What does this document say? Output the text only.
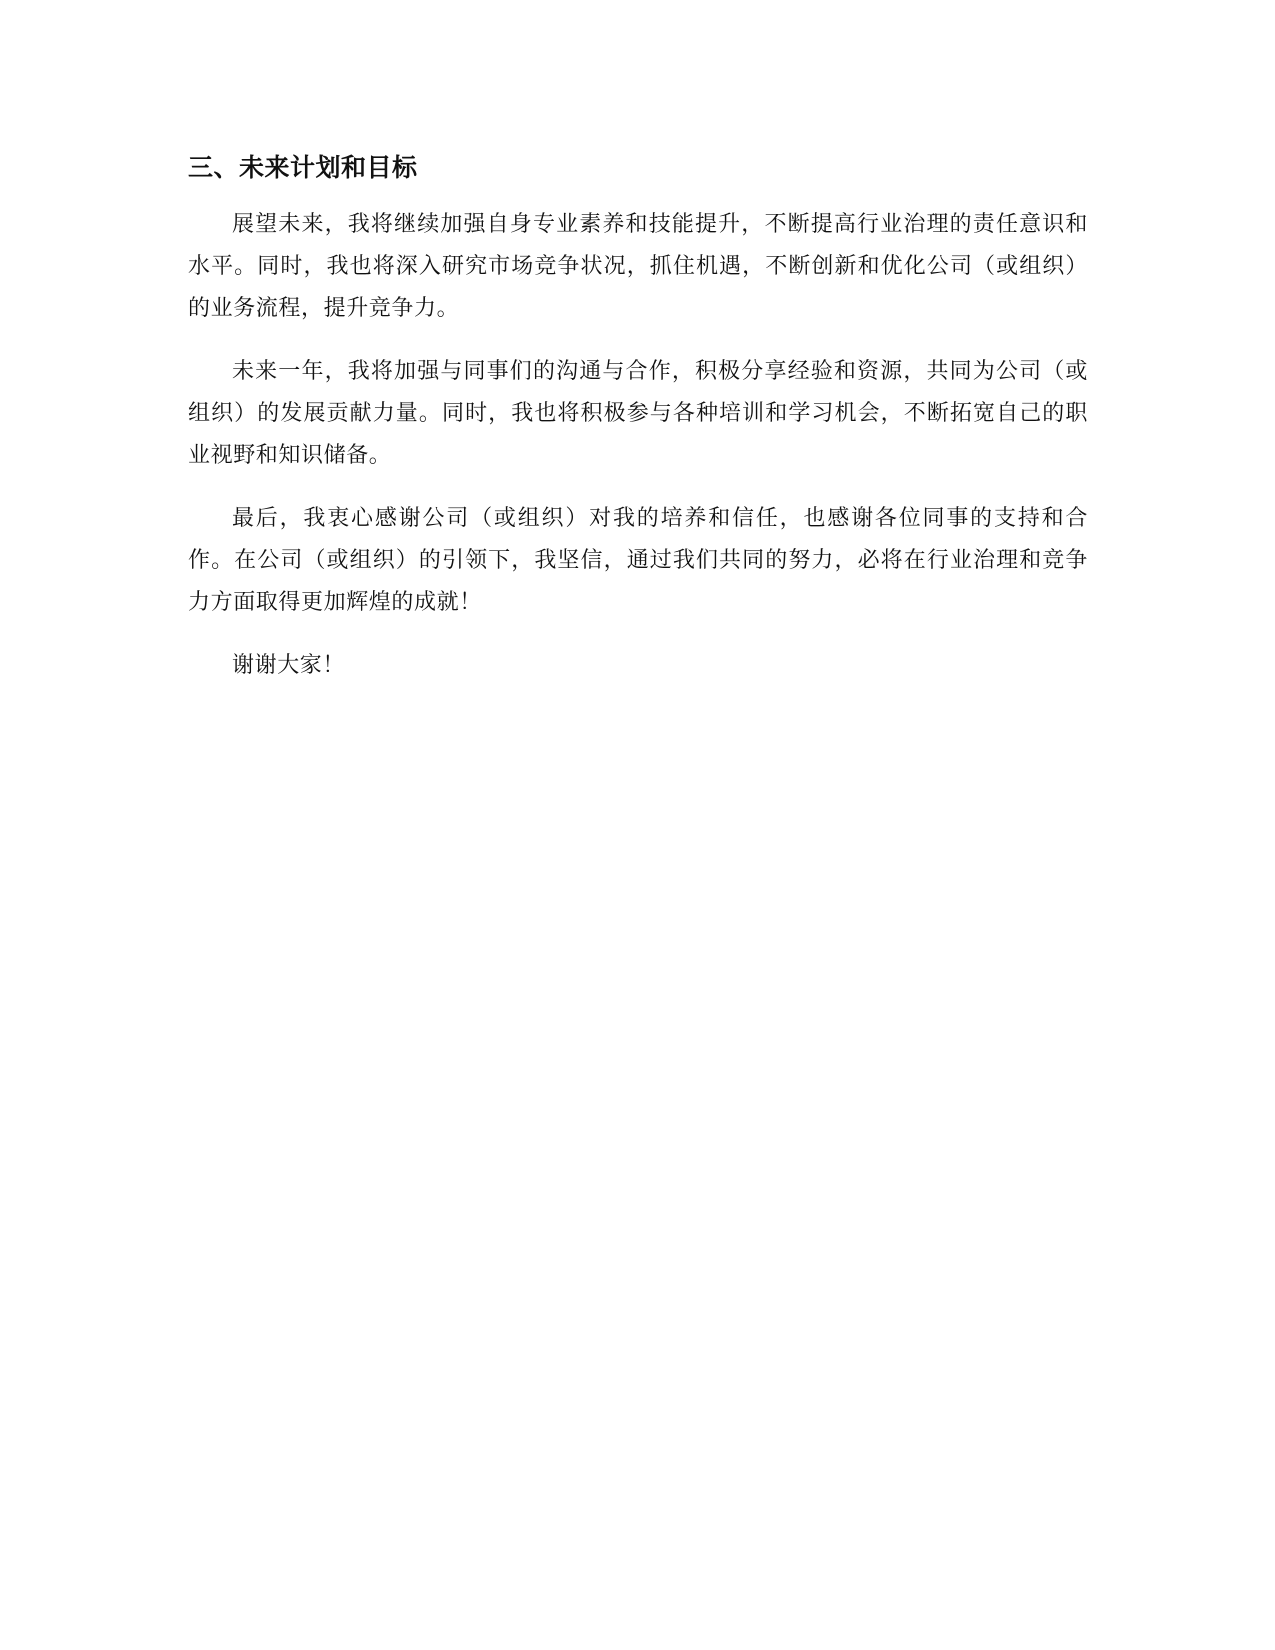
三、未来计划和目标

展望未来，我将继续加强自身专业素养和技能提升，不断提高行业治理的责任意识和水平。同时，我也将深入研究市场竞争状况，抓住机遇，不断创新和优化公司（或组织）的业务流程，提升竞争力。

未来一年，我将加强与同事们的沟通与合作，积极分享经验和资源，共同为公司（或组织）的发展贡献力量。同时，我也将积极参与各种培训和学习机会，不断拓宽自己的职业视野和知识储备。

最后，我衷心感谢公司（或组织）对我的培养和信任，也感谢各位同事的支持和合作。在公司（或组织）的引领下，我坚信，通过我们共同的努力，必将在行业治理和竞争力方面取得更加辉煌的成就！

谢谢大家！
